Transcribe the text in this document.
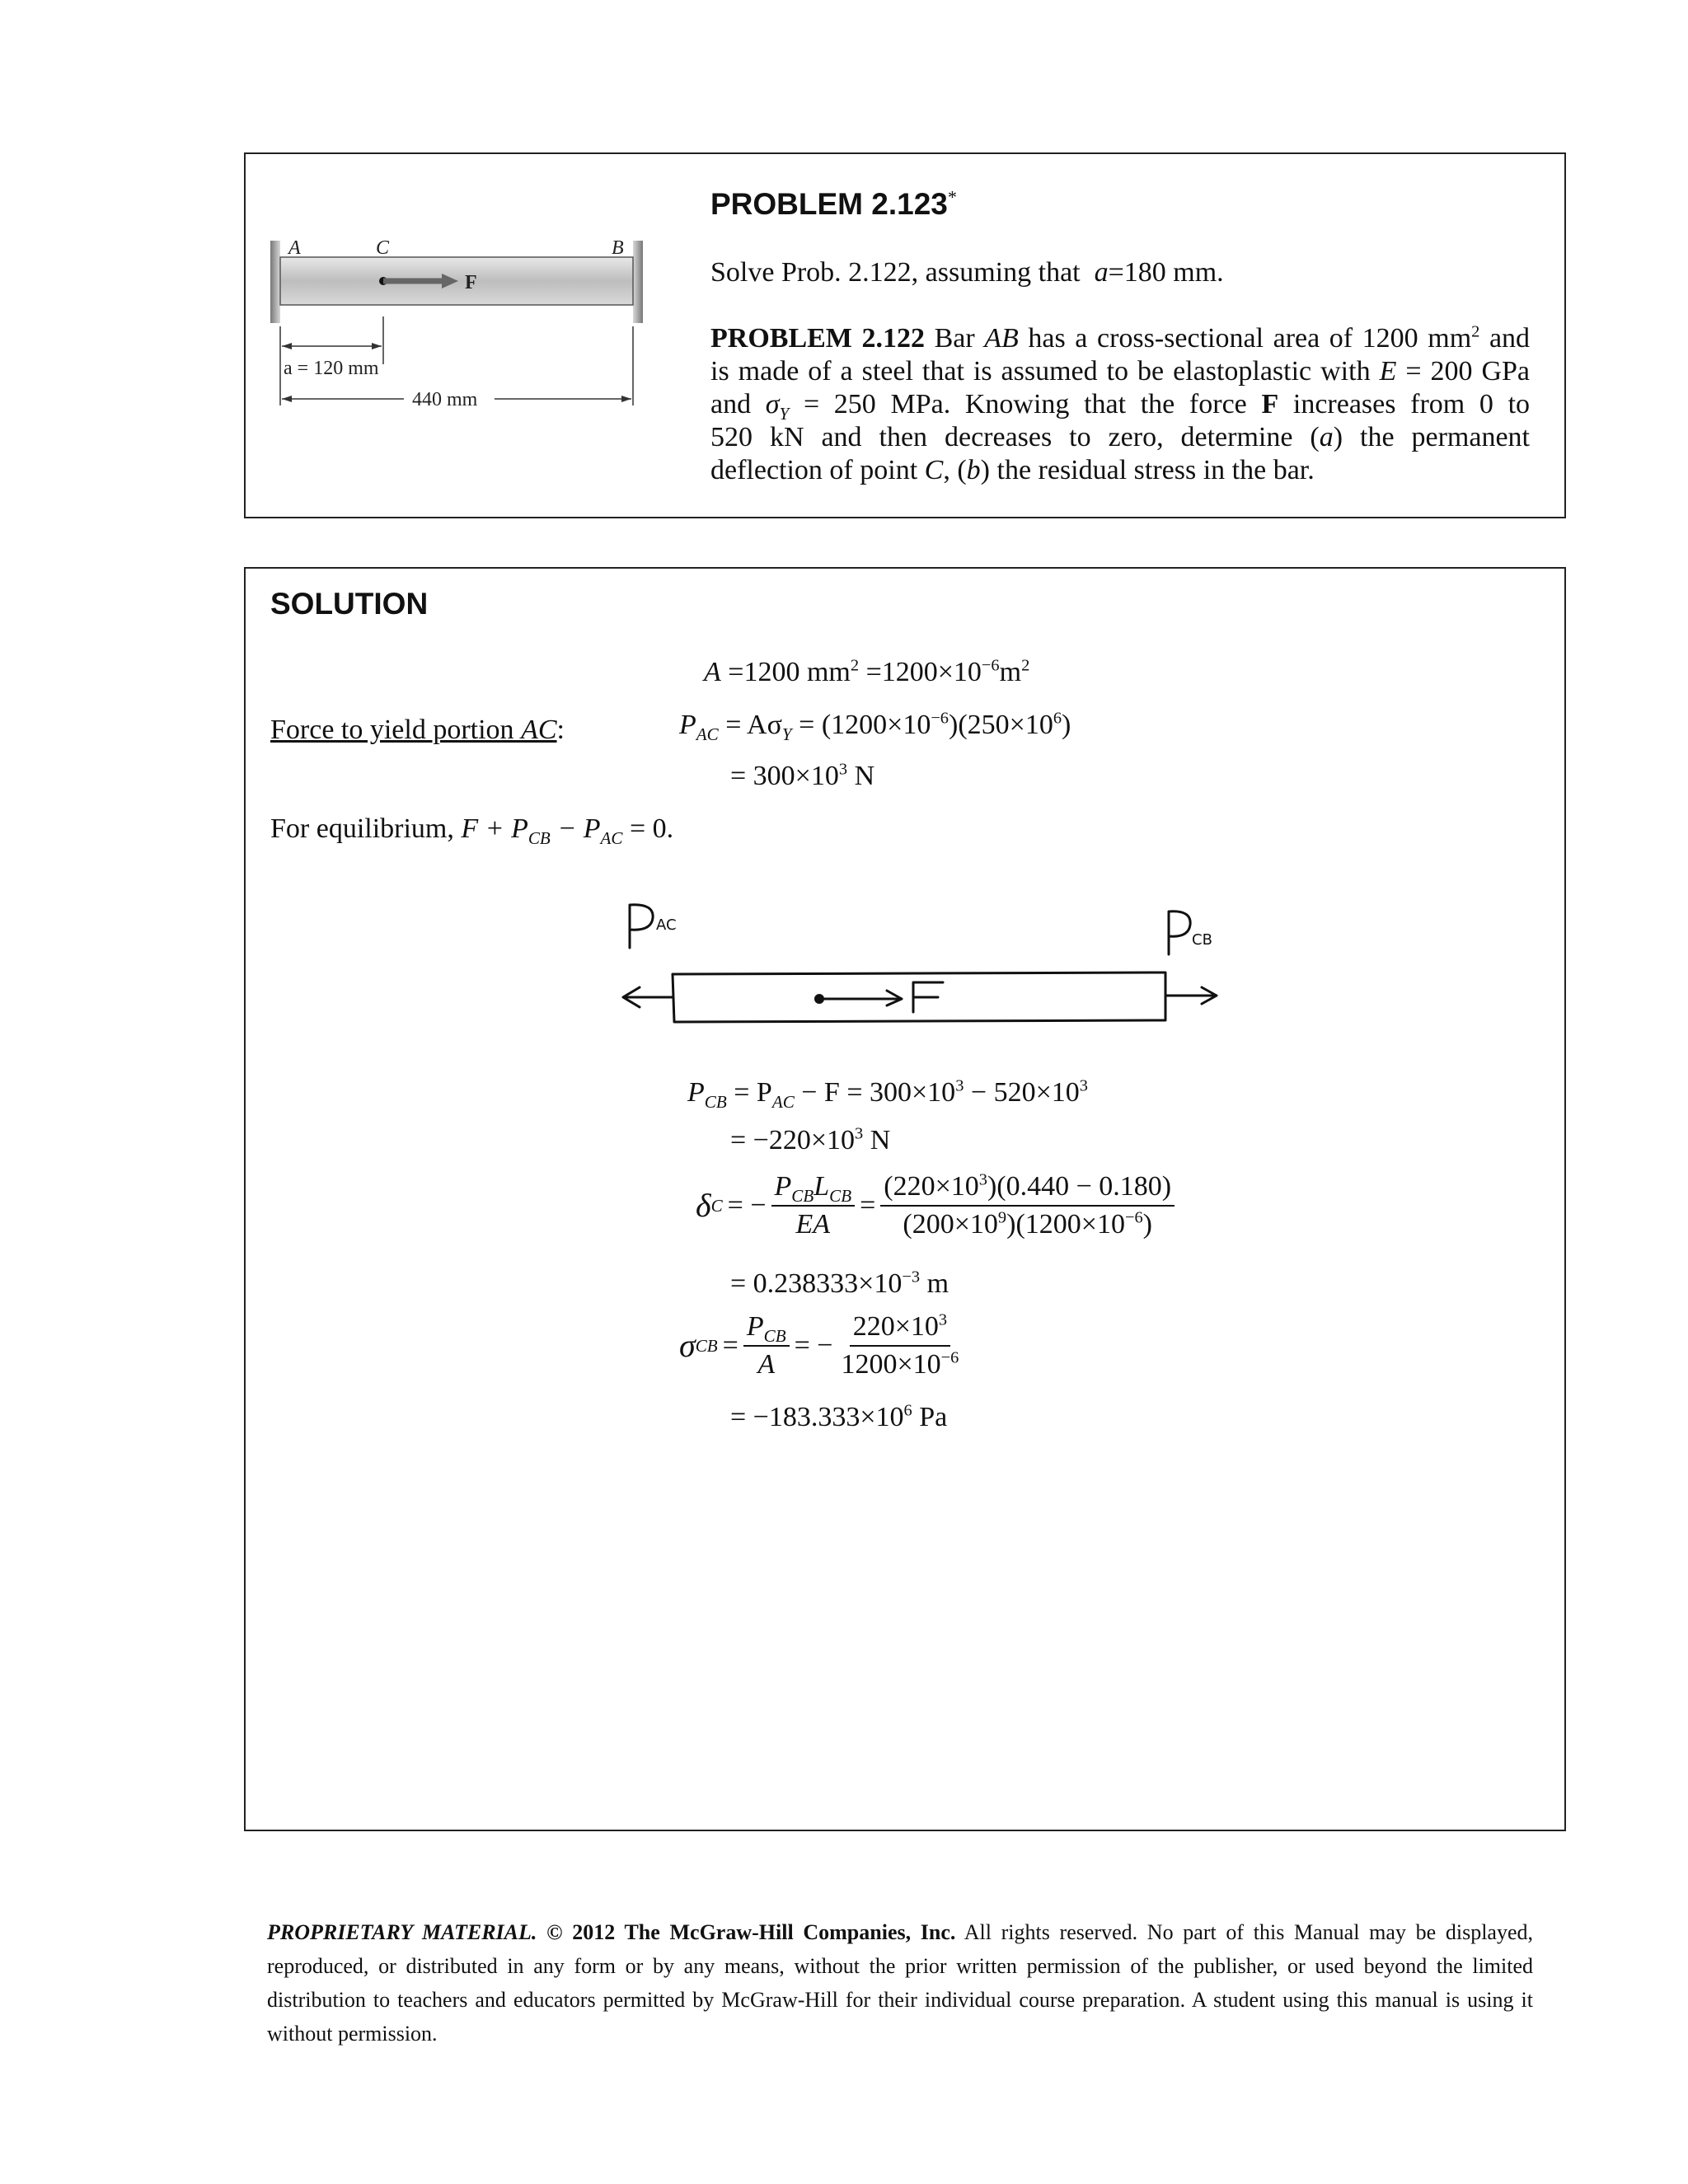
F
A	C	B
a = 120 mm
440 mm
PROBLEM 2.123*
Solve Prob. 2.122, assuming that a=180 mm.
PROBLEM 2.122 Bar AB has a cross-sectional area of 1200 $mm^2$ and
is made of a steel that is assumed to be elastoplastic with E = 200 GPa
and $\sigma_Y = 250$ MPa. Knowing that the force F increases from 0 to
520 kN and then decreases to zero, determine (a) the permanent
deflection of point C, (b) the residual stress in the bar.
SOLUTION
A =1200 $mm^2 =1200\times 10^{-6}m^2$
Force to yield portion AC:	$P_{AC} = A\sigma_Y = (1200\times 10^{-6})(250\times 10^6)$
= $300\times 10^3$ N
For equilibrium, $F + P_{CB} - P_{AC} = 0$.
AC
CB
$P_{CB} = P_{AC} - F = 300\times 10^3 - 520\times 10^3$
= $-220\times 10^3$ N
δ C = − $\frac{P_{CB}L_{CB}}{EA} = \frac{(220\times 10^3)(0.440 - 0.180)}{(200\times 10^9)(1200\times 10^{-6})}$
= $0.238333\times 10^{-3}$ m
σ CB = $\frac{P_{CB}}{A}$ = − $\frac{220\times 10^3}{1200\times 10^{-6}}$
= $-183.333\times 10^6$ Pa
PROPRIETARY MATERIAL. © 2012 The McGraw-Hill Companies, Inc. All rights reserved. No part of this Manual may be displayed, reproduced, or distributed in any form or by any means, without the prior written permission of the publisher, or used beyond the limited distribution to teachers and educators permitted by McGraw-Hill for their individual course preparation. A student using this manual is using it without permission.
